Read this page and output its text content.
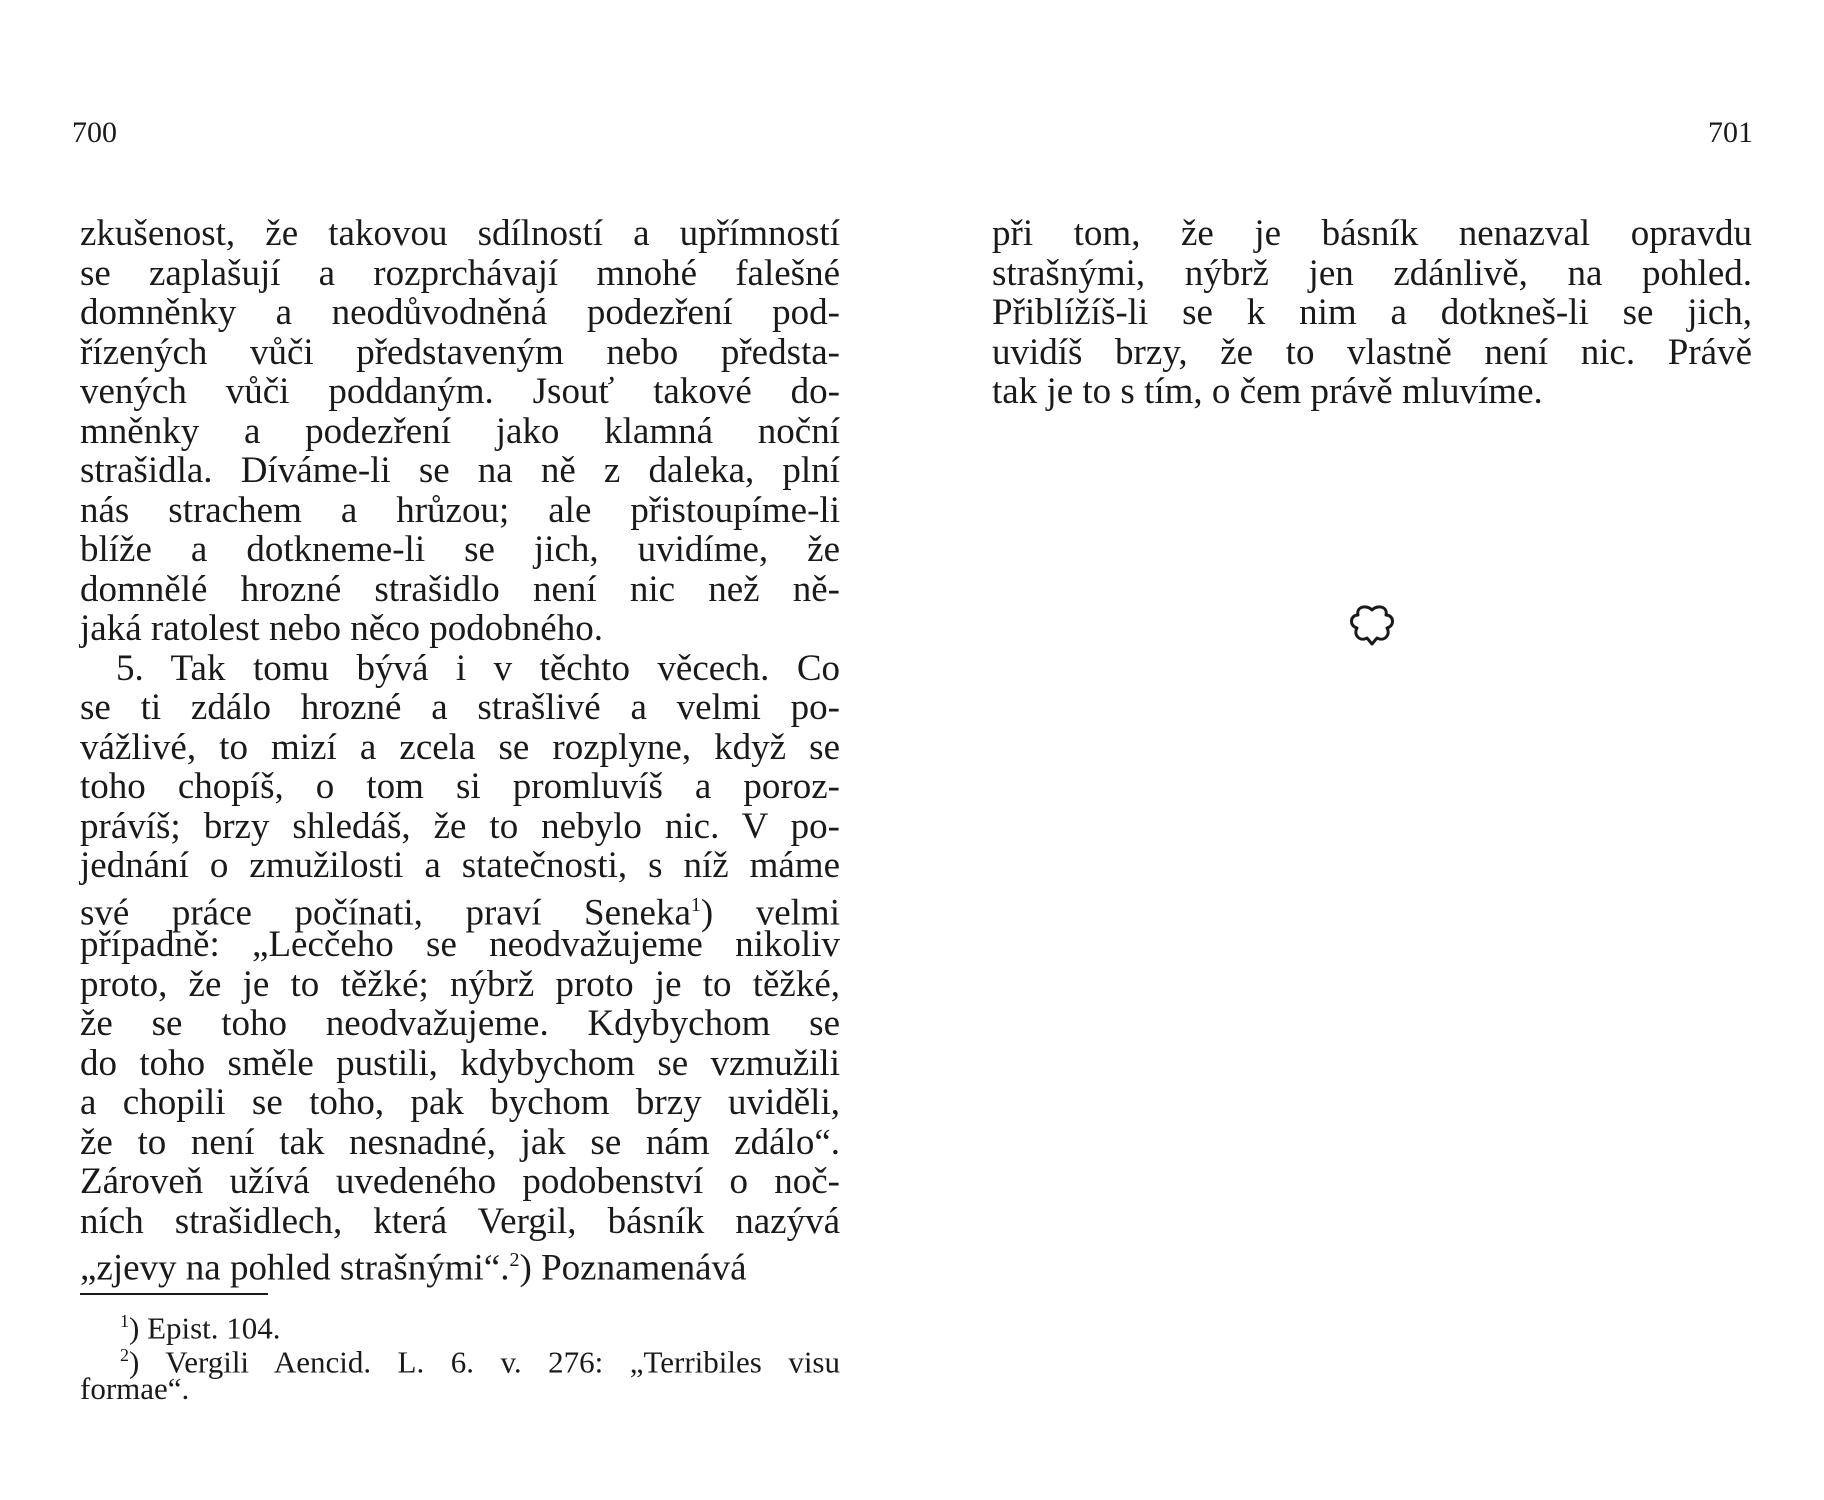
700	701
zkušenost, že takovou sdílností a upřímností
se zaplašují a rozprchávají mnohé falešné
domněnky a neodůvodněná podezření pod-
řízených vůči představeným nebo předsta-
vených vůči poddaným. Jsouť takové do-
mněnky a podezření jako klamná noční
strašidla. Díváme-li se na ně z daleka, plní
nás strachem a hrůzou; ale přistoupíme-li
blíže a dotkneme-li se jich, uvidíme, že
domnělé hrozné strašidlo není nic než ně-
jaká ratolest nebo něco podobného.
5. Tak tomu bývá i v těchto věcech. Co
se ti zdálo hrozné a strašlivé a velmi po-
vážlivé, to mizí a zcela se rozplyne, když se
toho chopíš, o tom si promluvíš a poroz-
právíš; brzy shledáš, že to nebylo nic. V po-
jednání o zmužilosti a statečnosti, s níž máme
své práce počínati, praví Seneka$^1$) velmi
případně: „Lecčeho se neodvažujeme nikoliv
proto, že je to těžké; nýbrž proto je to těžké,
že se toho neodvažujeme. Kdybychom se
do toho směle pustili, kdybychom se vzmužili
a chopili se toho, pak bychom brzy uviděli,
že to není tak nesnadné, jak se nám zdálo“.
Zároveň užívá uvedeného podobenství o noč-
ních strašidlech, která Vergil, básník nazývá
„zjevy na pohled strašnými“.$^2$) Poznamenává
$^1$) Epist. 104.
$^2$) Vergili Aencid. L. 6. v. 276: „Terribiles visu
formae“.
při tom, že je básník nenazval opravdu
strašnými, nýbrž jen zdánlivě, na pohled.
Přiblížíš-li se k nim a dotkneš-li se jich,
uvidíš brzy, že to vlastně není nic. Právě
tak je to s tím, o čem právě mluvíme.
